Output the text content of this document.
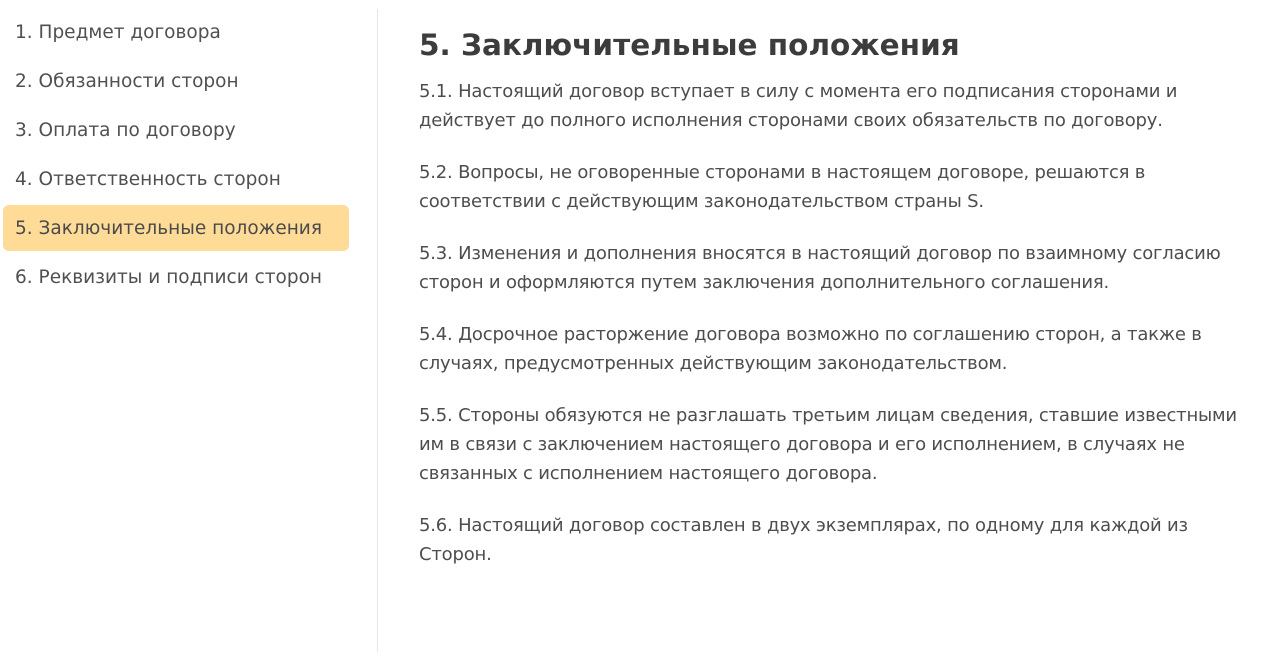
1. Предмет договора
2. Обязанности сторон
3. Оплата по договору
4. Ответственность сторон
5. Заключительные положения
6. Реквизиты и подписи сторон
5. Заключительные положения

5.1. Настоящий договор вступает в силу с момента его подписания сторонами и действует до полного исполнения сторонами своих обязательств по договору.

5.2. Вопросы, не оговоренные сторонами в настоящем договоре, решаются в соответствии с действующим законодательством страны S.

5.3. Изменения и дополнения вносятся в настоящий договор по взаимному согласию сторон и оформляются путем заключения дополнительного соглашения.

5.4. Досрочное расторжение договора возможно по соглашению сторон, а также в случаях, предусмотренных действующим законодательством.

5.5. Стороны обязуются не разглашать третьим лицам сведения, ставшие известными им в связи с заключением настоящего договора и его исполнением, в случаях не связанных с исполнением настоящего договора.

5.6. Настоящий договор составлен в двух экземплярах, по одному для каждой из Сторон.
